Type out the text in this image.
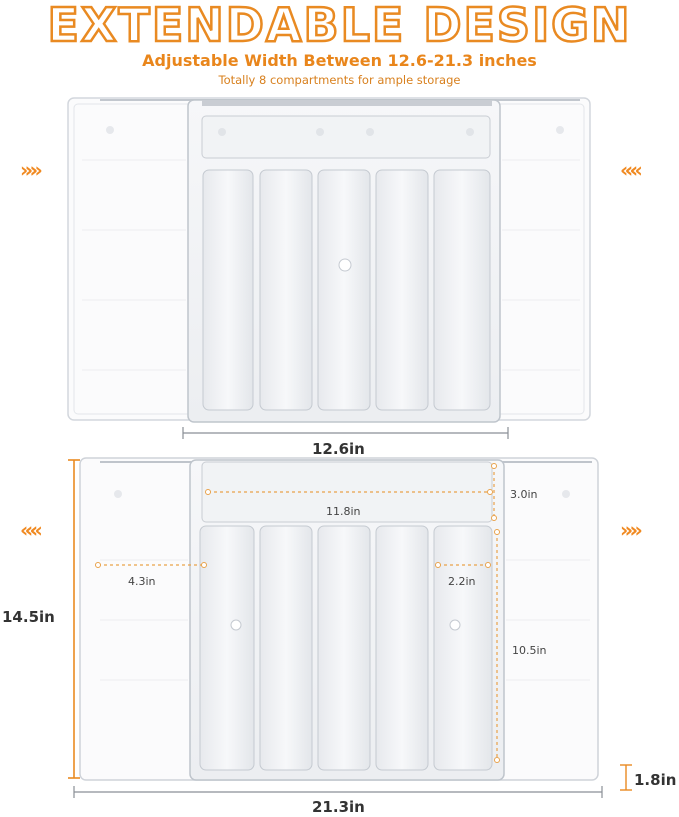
EXTENDABLE DESIGN
Adjustable Width Between 12.6-21.3 inches
Totally 8 compartments for ample storage
»»»	«««
12.6in
«««	»»»
14.5in
21.3in
1.8in
11.8in
3.0in
4.3in	2.2in
10.5in
